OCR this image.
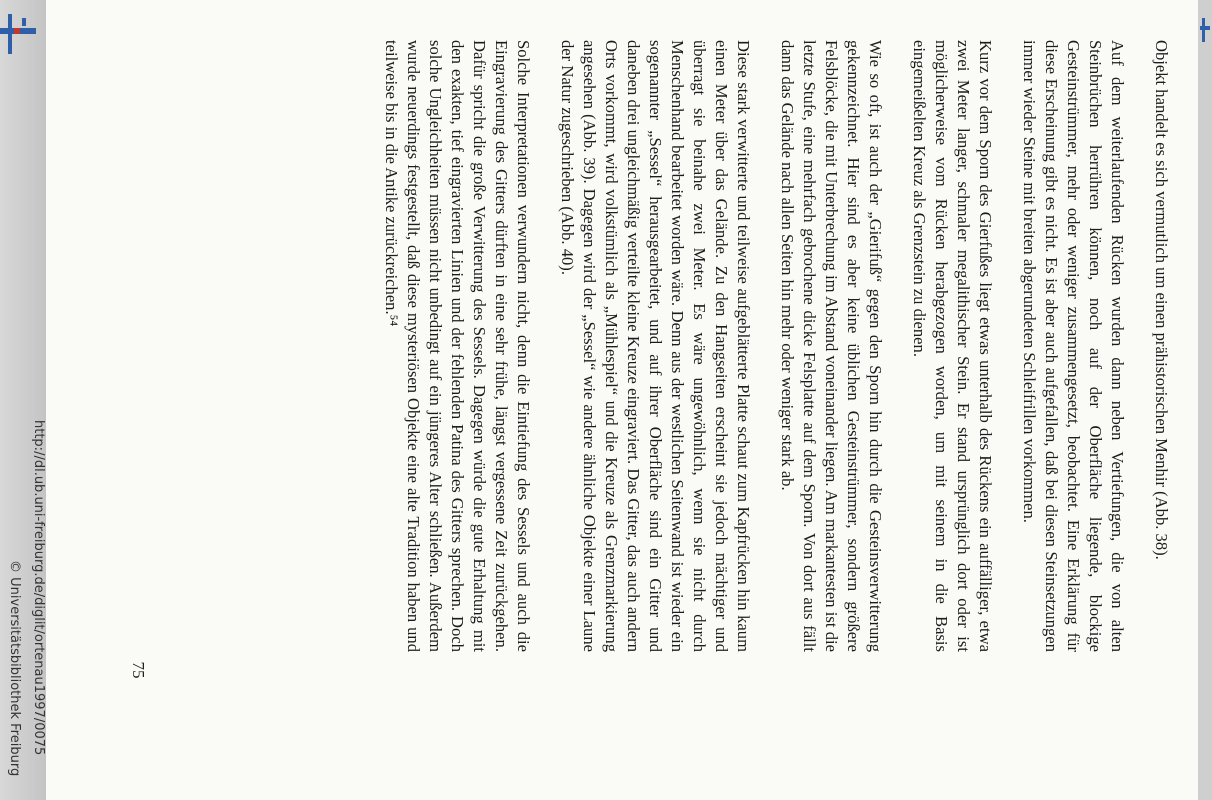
Objekt handelt es sich vermutlich um einen prähistorischen Menhir (Abb. 38).

Auf dem weiterlaufenden Rücken wurden dann neben Vertiefungen, die von alten Steinbrüchen herrühren können, noch auf der Oberfläche liegende, blockige Gesteinstrümmer, mehr oder weniger zusammengesetzt, beobachtet. Eine Erklärung für diese Erscheinung gibt es nicht. Es ist aber auch aufgefallen, daß bei diesen Steinsetzungen immer wieder Steine mit breiten abgerundeten Schleifrillen vorkommen.

Kurz vor dem Sporn des Gierfußes liegt etwas unterhalb des Rückens ein auffälliger, etwa zwei Meter langer, schmaler megalithischer Stein. Er stand ursprünglich dort oder ist möglicherweise vom Rücken herabgezogen worden, um mit seinem in die Basis eingemeißelten Kreuz als Grenzstein zu dienen.

Wie so oft, ist auch der „Gierifuß“ gegen den Sporn hin durch die Gesteinsverwitterung gekennzeichnet. Hier sind es aber keine üblichen Gesteinstrümmer, sondern größere Felsblöcke, die mit Unterbrechung im Abstand voneinander liegen. Am markantesten ist die letzte Stufe, eine mehrfach gebrochene dicke Felsplatte auf dem Sporn. Von dort aus fällt dann das Gelände nach allen Seiten hin mehr oder weniger stark ab.

Diese stark verwitterte und teilweise aufgeblätterte Platte schaut zum Kapfrücken hin kaum einen Meter über das Gelände. Zu den Hangseiten erscheint sie jedoch mächtiger und überragt sie beinahe zwei Meter. Es wäre ungewöhnlich, wenn sie nicht durch Menschenhand bearbeitet worden wäre. Denn aus der westlichen Seitenwand ist wieder ein sogenannter „Sessel“ herausgearbeitet, und auf ihrer Oberfläche sind ein Gitter und daneben drei ungleichmäßig verteilte kleine Kreuze eingraviert. Das Gitter, das auch andern Orts vorkommt, wird volkstümlich als „Mühlespiel“ und die Kreuze als Grenzmarkierung angesehen (Abb. 39). Dagegen wird der „Sessel“ wie andere ähnliche Objekte einer Laune der Natur zugeschrieben (Abb. 40).

Solche Interpretationen verwundern nicht, denn die Eintiefung des Sessels und auch die Eingravierung des Gitters dürften in eine sehr frühe, längst vergessene Zeit zurückgehen. Dafür spricht die große Verwitterung des Sessels. Dagegen würde die gute Erhaltung mit den exakten, tief eingravierten Linien und der fehlenden Patina des Gitters sprechen. Doch solche Ungleichheiten müssen nicht unbedingt auf ein jüngeres Alter schließen. Außerdem wurde neuerdings festgestellt, daß diese mysteriösen Objekte eine alte Tradition haben und teilweise bis in die Antike zurückreichen.⁵⁴

75
http://dl.ub.uni-freiburg.de/diglit/ortenau1997/0075
© Universitätsbibliothek Freiburg
